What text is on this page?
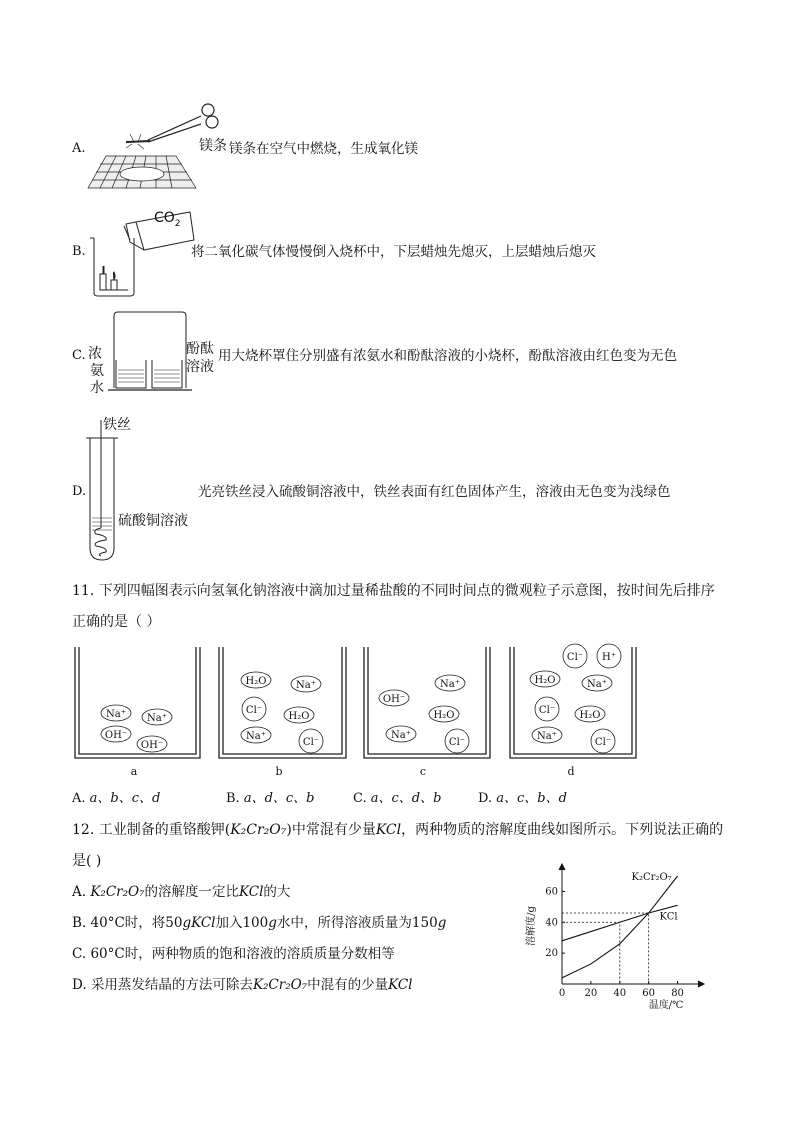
A.	镁条 镁条在空气中燃烧，生成氧化镁
B.
$CO_2$
将二氧化碳气体慢慢倒入烧杯中，下层蜡烛先熄灭，上层蜡烛后熄灭
C. 浓
氨
水
酚酞
溶液
用大烧杯罩住分别盛有浓氨水和酚酞溶液的小烧杯，酚酞溶液由红色变为无色
D.
铁丝
硫酸铜溶液
光亮铁丝浸入硫酸铜溶液中，铁丝表面有红色固体产生，溶液由无色变为浅绿色
11. 下列四幅图表示向氢氧化钠溶液中滴加过量稀盐酸的不同时间点的微观粒子示意图，按时间先后排序
正确的是（ ）
Na⁺ Na⁺
OH⁻
OH⁻
H₂O	Na⁺
Cl⁻
H₂O
Na⁺
Cl⁻
Na⁺
OH⁻
H₂O
Na⁺
Cl⁻
Cl⁻ H⁺
H₂O	Na⁺
Cl⁻ H₂O
Na⁺
Cl⁻
a	b	c	d
A. a、b、c、d	B. a、d、c、b	C. a、c、d、b	D. a、c、b、d
12. 工业制备的重铬酸钾(K₂Cr₂O₇)中常混有少量KCl，两种物质的溶解度曲线如图所示。下列说法正确的
是( )
A. K₂Cr₂O₇的溶解度一定比KCl的大
B. 40°C时，将50gKCl加入100g水中，所得溶液质量为150g
C. 60°C时，两种物质的饱和溶液的溶质质量分数相等
D. 采用蒸发结晶的方法可除去K₂Cr₂O₇中混有的少量KCl
0 20 40 60 80
20
40
60
K₂Cr₂O₇
KCl
温度/℃
溶解度/g
